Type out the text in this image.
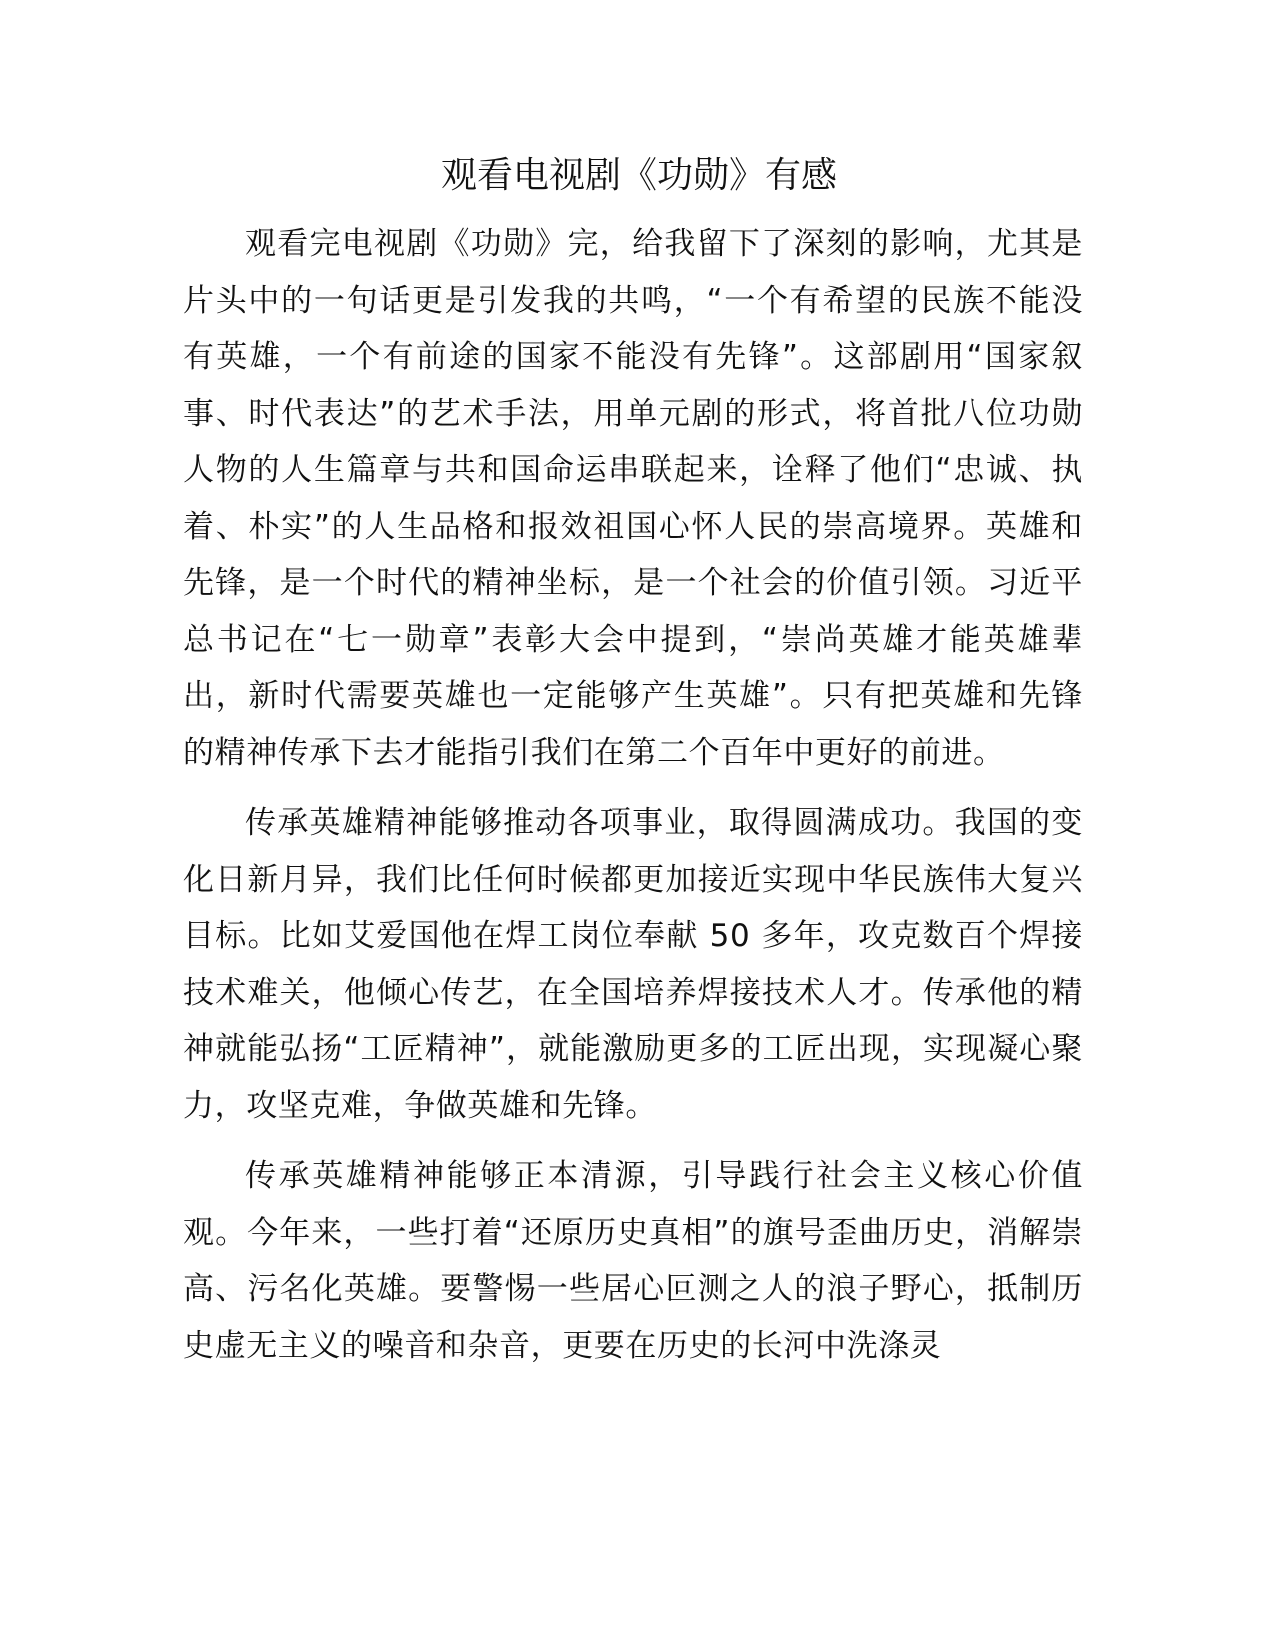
观看电视剧《功勋》有感

观看完电视剧《功勋》完，给我留下了深刻的影响，尤其是片头中的一句话更是引发我的共鸣，“一个有希望的民族不能没有英雄，一个有前途的国家不能没有先锋”。这部剧用“国家叙事、时代表达”的艺术手法，用单元剧的形式，将首批八位功勋人物的人生篇章与共和国命运串联起来，诠释了他们“忠诚、执着、朴实”的人生品格和报效祖国心怀人民的崇高境界。英雄和先锋，是一个时代的精神坐标，是一个社会的价值引领。习近平总书记在“七一勋章”表彰大会中提到，“崇尚英雄才能英雄辈出，新时代需要英雄也一定能够产生英雄”。只有把英雄和先锋的精神传承下去才能指引我们在第二个百年中更好的前进。

传承英雄精神能够推动各项事业，取得圆满成功。我国的变化日新月异，我们比任何时候都更加接近实现中华民族伟大复兴目标。比如艾爱国他在焊工岗位奉献 50 多年，攻克数百个焊接技术难关，他倾心传艺，在全国培养焊接技术人才。传承他的精神就能弘扬“工匠精神”，就能激励更多的工匠出现，实现凝心聚力，攻坚克难，争做英雄和先锋。

传承英雄精神能够正本清源，引导践行社会主义核心价值观。今年来，一些打着“还原历史真相”的旗号歪曲历史，消解崇高、污名化英雄。要警惕一些居心叵测之人的浪子野心，抵制历史虚无主义的噪音和杂音，更要在历史的长河中洗涤灵
